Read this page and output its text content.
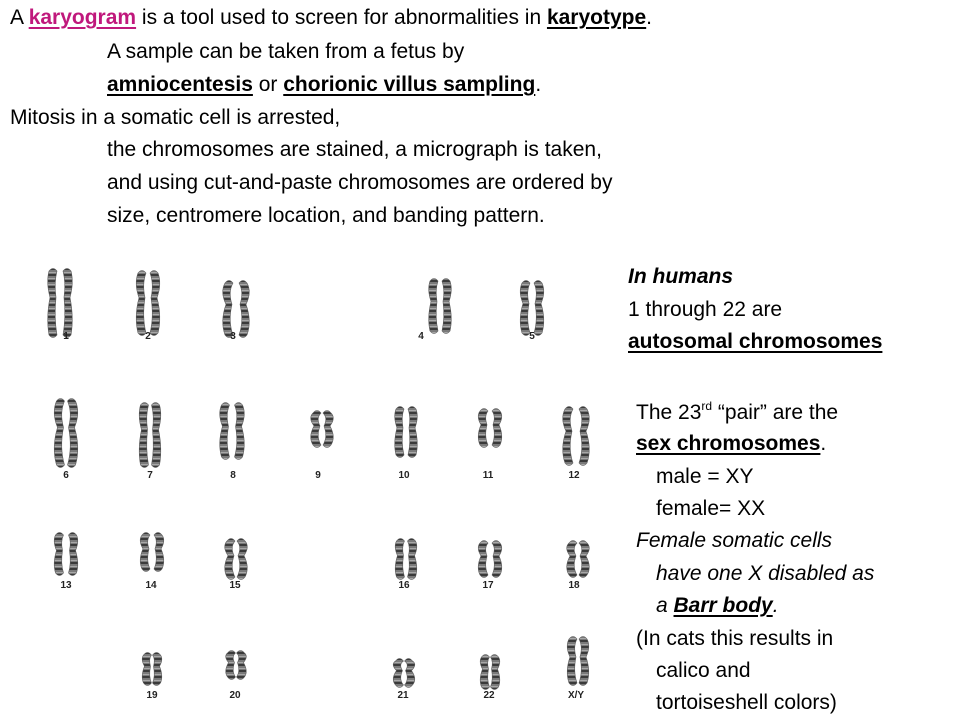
A karyogram is a tool used to screen for abnormalities in karyotype.
A sample can be taken from a fetus by
amniocentesis or chorionic villus sampling.
Mitosis in a somatic cell is arrested,
the chromosomes are stained, a micrograph is taken,
and using cut-and-paste chromosomes are ordered by
size, centromere location, and banding pattern.
In humans
1 through 22 are
autosomal chromosomes
The 23rd “pair” are the
sex chromosomes.
male = XY
female= XX
Female somatic cells
have one X disabled as
a Barr body.
(In cats this results in
calico and
tortoiseshell colors)
1	2	3	4	5
6	7	8	9	10	11	12
13	14	15	16	17	18
19	20	21	22	X/Y
